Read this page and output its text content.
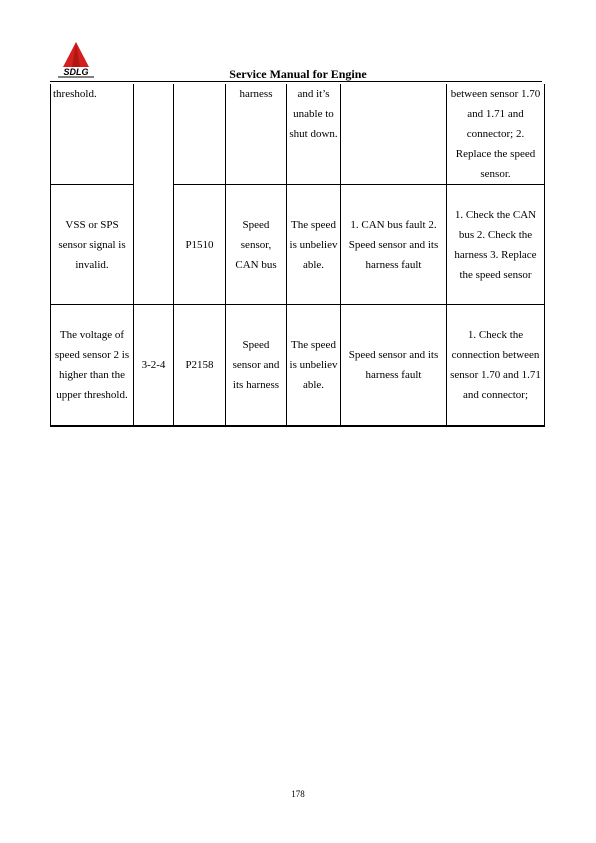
SDLG	Service Manual for Engine
threshold.			harness	and it’s unable to shut down.		between sensor 1.70 and 1.71 and connector; 2. Replace the speed sensor.
VSS or SPS sensor signal is invalid.		P1510	Speed sensor, CAN bus	The speed is unbeliev able.	1. CAN bus fault 2. Speed sensor and its harness fault	1. Check the CAN bus 2. Check the harness 3. Replace the speed sensor
The voltage of speed sensor 2 is higher than the upper threshold.	3-2-4	P2158	Speed sensor and its harness	The speed is unbeliev able.	Speed sensor and its harness fault	1. Check the connection between sensor 1.70 and 1.71 and connector;
178
